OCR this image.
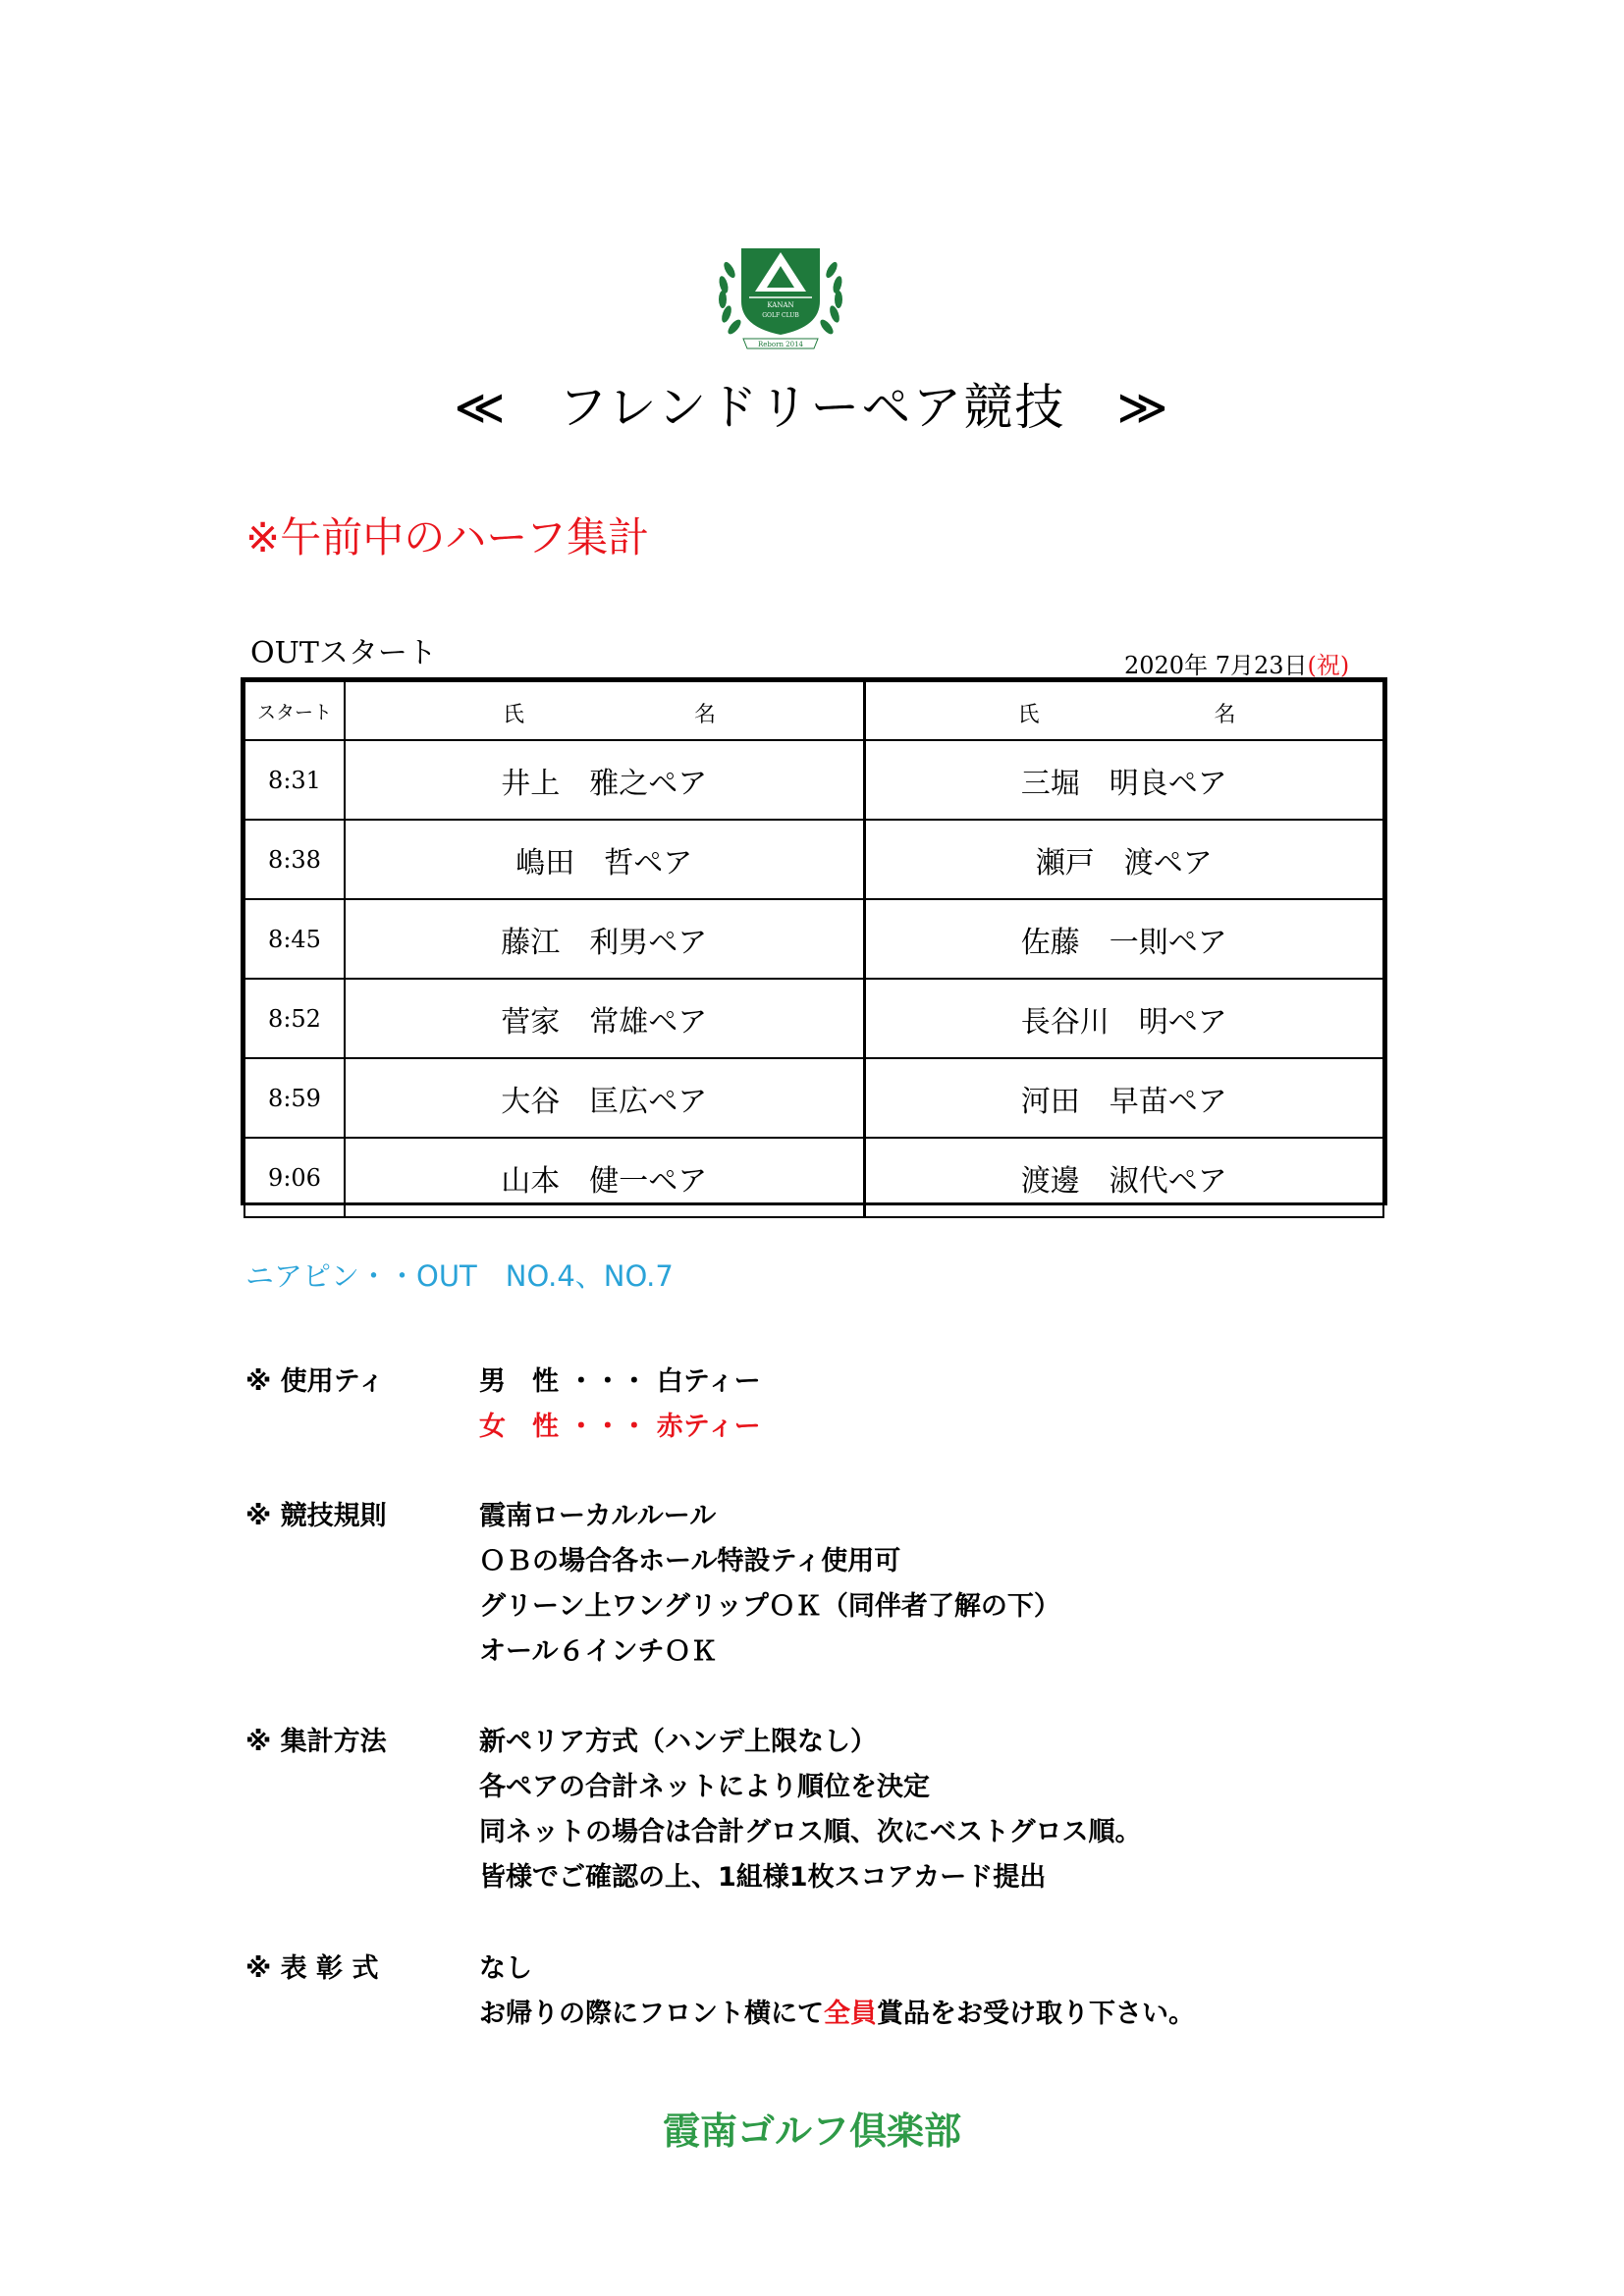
KANAN
GOLF CLUB
Reborn 2014
≪　フレンドリーペア競技　≫
※午前中のハーフ集計
OUTスタート	2020年 7月23日(祝)
スタート	氏 名	氏 名

8:31	井上　雅之ペア	三堀　明良ペア
8:38	嶋田　哲ペア	瀬戸　渡ペア
8:45	藤江　利男ペア	佐藤　一則ペア
8:52	菅家　常雄ペア	長谷川　明ペア
8:59	大谷　匡広ペア	河田　早苗ペア
9:06	山本　健一ペア	渡邊　淑代ペア
ニアピン・・OUT　NO.4、NO.7
※ 使用ティ	男　性 ・・・ 白ティー
女　性 ・・・ 赤ティー
※ 競技規則	霞南ローカルルール
ＯＢの場合各ホール特設ティ使用可
グリーン上ワングリップＯＫ（同伴者了解の下）
オール６インチＯＫ
※ 集計方法	新ペリア方式（ハンデ上限なし）
各ペアの合計ネットにより順位を決定
同ネットの場合は合計グロス順、次にベストグロス順。
皆様でご確認の上、1組様1枚スコアカード提出
※ 表 彰 式	なし
お帰りの際にフロント横にて全員賞品をお受け取り下さい。
霞南ゴルフ倶楽部
